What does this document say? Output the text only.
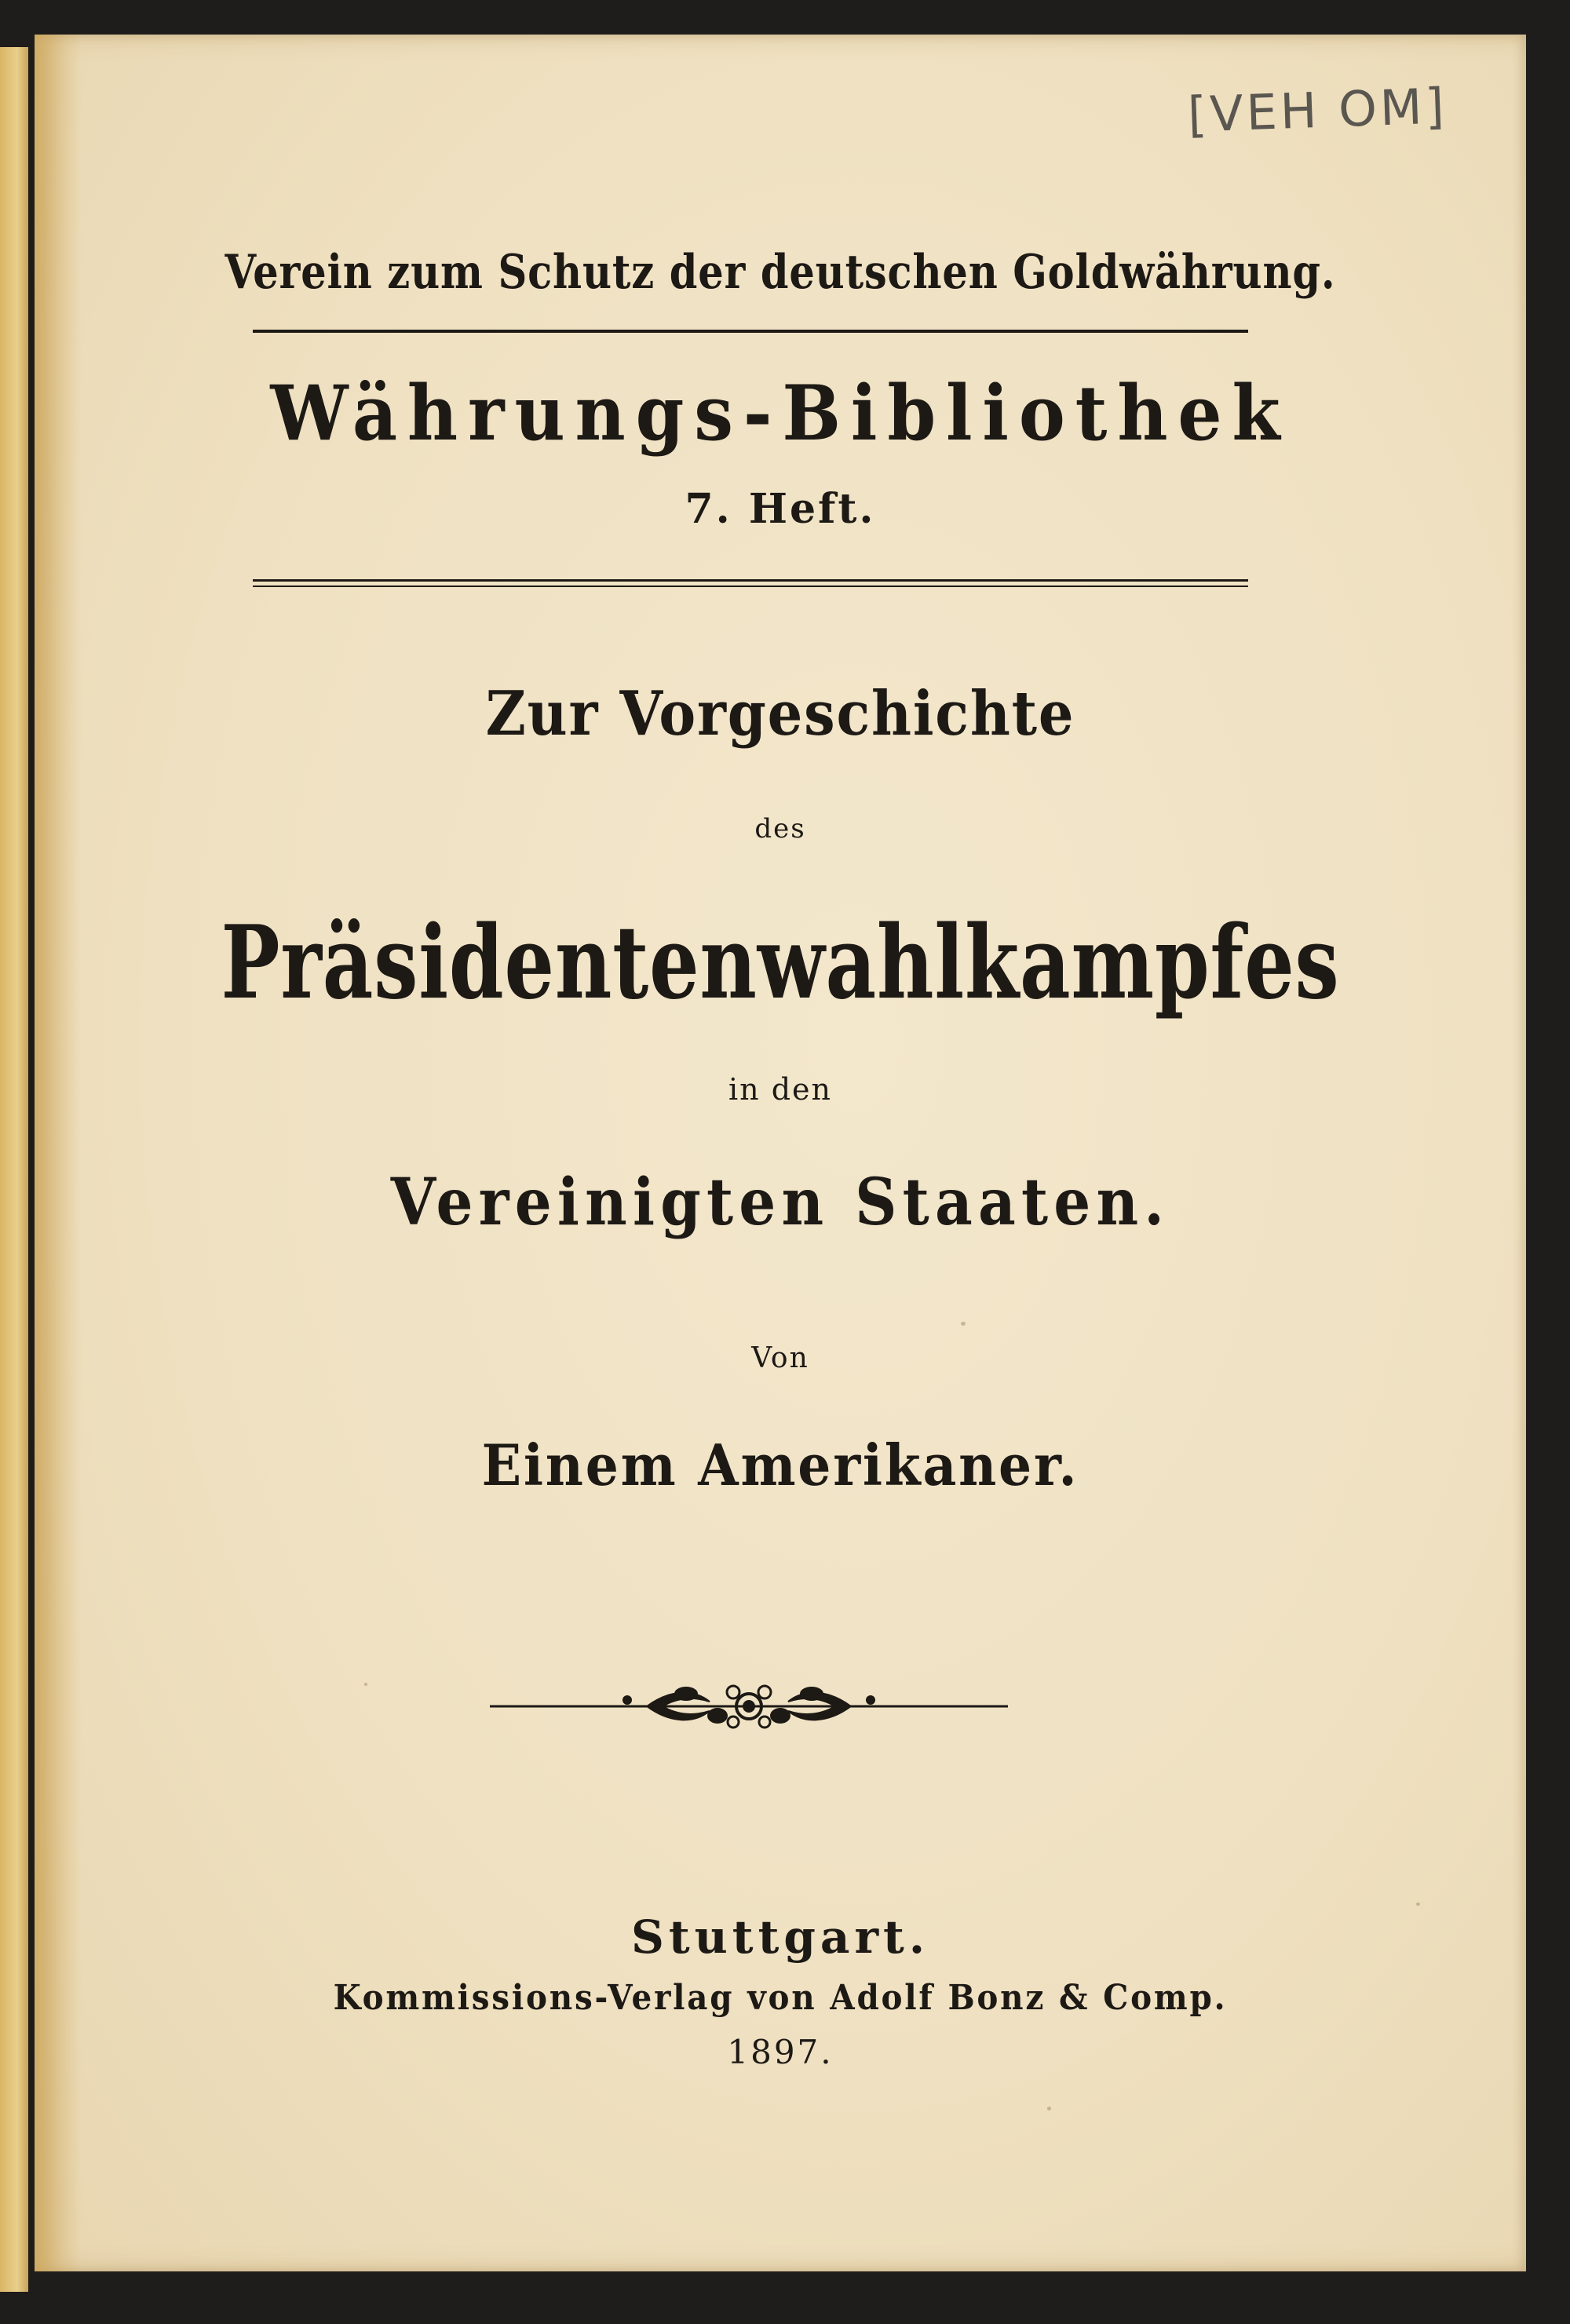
[VEH OM]

Verein zum Schutz der deutschen Goldwährung.

Währungs-Bibliothek

7. Heft.

Zur Vorgeschichte

des

Präsidentenwahlkampfes

in den

Vereinigten Staaten.

Von

Einem Amerikaner.

Stuttgart.

Kommissions-Verlag von Adolf Bonz & Comp.

1897.
